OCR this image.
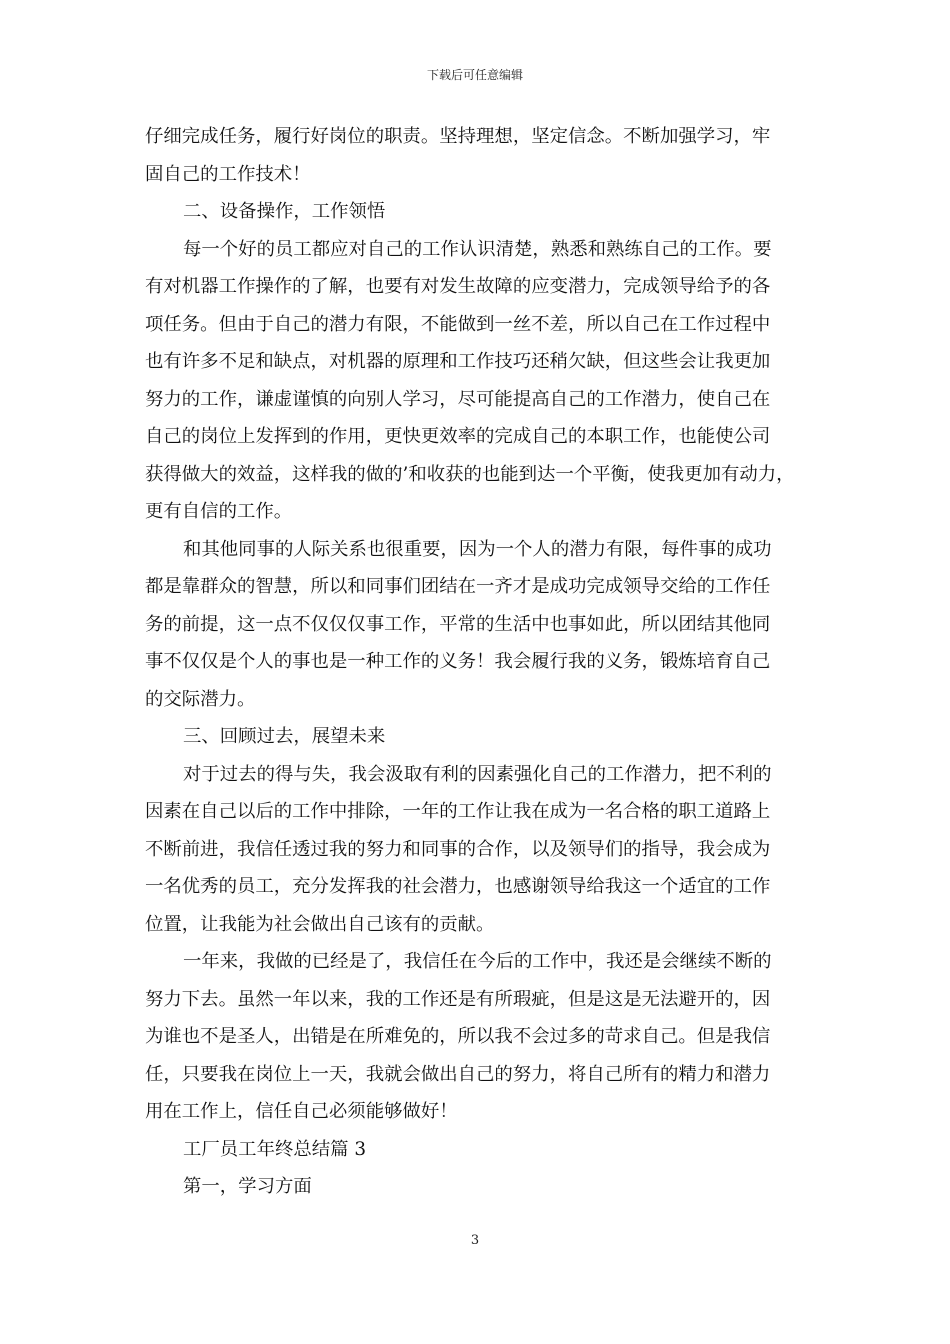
下载后可任意编辑
仔细完成任务，履行好岗位的职责。坚持理想，坚定信念。不断加强学习，牢
固自己的工作技术！
二、设备操作，工作领悟
每一个好的员工都应对自己的工作认识清楚，熟悉和熟练自己的工作。要
有对机器工作操作的了解，也要有对发生故障的应变潜力，完成领导给予的各
项任务。但由于自己的潜力有限，不能做到一丝不差，所以自己在工作过程中
也有许多不足和缺点，对机器的原理和工作技巧还稍欠缺，但这些会让我更加
努力的工作，谦虚谨慎的向别人学习，尽可能提高自己的工作潜力，使自己在
自己的岗位上发挥到的作用，更快更效率的完成自己的本职工作，也能使公司
获得做大的效益，这样我的做的’和收获的也能到达一个平衡，使我更加有动力，
更有自信的工作。
和其他同事的人际关系也很重要，因为一个人的潜力有限，每件事的成功
都是靠群众的智慧，所以和同事们团结在一齐才是成功完成领导交给的工作任
务的前提，这一点不仅仅仅事工作，平常的生活中也事如此，所以团结其他同
事不仅仅是个人的事也是一种工作的义务！我会履行我的义务，锻炼培育自己
的交际潜力。
三、回顾过去，展望未来
对于过去的得与失，我会汲取有利的因素强化自己的工作潜力，把不利的
因素在自己以后的工作中排除，一年的工作让我在成为一名合格的职工道路上
不断前进，我信任透过我的努力和同事的合作，以及领导们的指导，我会成为
一名优秀的员工，充分发挥我的社会潜力，也感谢领导给我这一个适宜的工作
位置，让我能为社会做出自己该有的贡献。
一年来，我做的已经是了，我信任在今后的工作中，我还是会继续不断的
努力下去。虽然一年以来，我的工作还是有所瑕疵，但是这是无法避开的，因
为谁也不是圣人，出错是在所难免的，所以我不会过多的苛求自己。但是我信
任，只要我在岗位上一天，我就会做出自己的努力，将自己所有的精力和潜力
用在工作上，信任自己必须能够做好！
工厂员工年终总结篇 3
第一，学习方面
3
